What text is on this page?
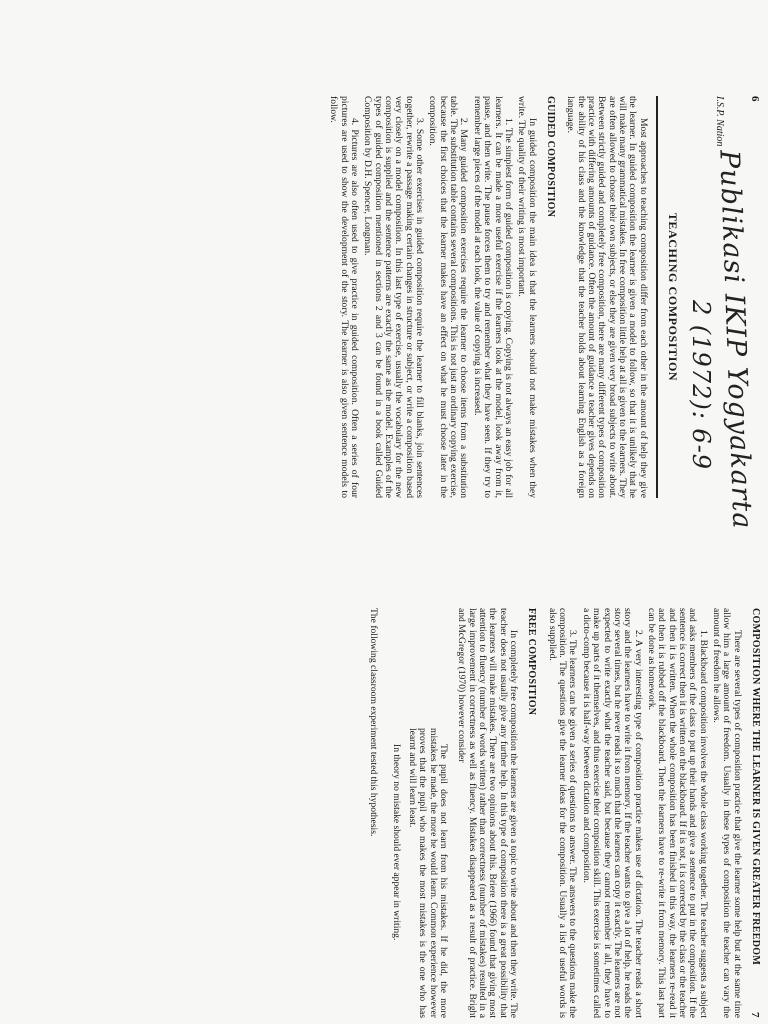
6
I.S.P. Nation
Publikasi IKIP Yogyakarta
2 (1972): 6-9
TEACHING COMPOSITION

Most approaches to teaching composition differ from each other in the amount of help they give the learner. In guided composition the learner is given a model to follow, so that it is unlikely that he will make many grammatical mistakes. In free composition little help at all is given to the learners. They are often allowed to choose their own subjects, or else they are given very broad subjects to write about. Between strictly guided and completely free composition, there are many different types of composition practice with differing amounts of guidance. Often the amount of guidance a teacher gives depends on the ability of his class and the knowledge that the teacher holds about learning English as a foreign language.

GUIDED COMPOSITION

In guided composition the main idea is that the learners should not make mistakes when they write. The quality of their writing is most important.

1. The simplest form of guided composition is copying. Copying is not always an easy job for all learners. It can be made a more useful exercise if the learners look at the model, look away from it, pause, and then write. The pause forces them to try and remember what they have seen. If they try to remember large pieces of the model at each look, the value of copying is increased.

2. Many guided composition exercises require the learner to choose items from a substitution table. The substitution table contains several compositions. This is not just an ordinary copying exercise, because the first choices that the learner makes have an effect on what he must choose later in the composition.

3. Some other exercises in guided composition require the learner to fill blanks, join sentences together, rewrite a passage making certain changes in structure or subject, or write a composition based very closely on a model composition. In this last type of exercise, usually the vocabulary for the new composition is supplied and the sentence patterns are exactly the same as the model. Examples of the types of guided composition mentioned in sections 2 and 3 can be found in a book called Guided Composition by D.H. Spencer, Longman.

4. Pictures are also often used to give practice in guided composition. Often a series of four pictures are used to show the development of the story. The learner is also given sentence models to follow.

7
COMPOSITION WHERE THE LEARNER IS GIVEN GREATER FREEDOM

There are several types of composition practice that give the learner some help but at the same time allow him a large amount of freedom. Usually in these types of composition the teacher can vary the amount of freedom he allows.

1. Blackboard composition involves the whole class working together. The teacher suggests a subject and asks members of the class to put up their hands and give a sentence to put in the composition. If the sentence is correct then it is written on the blackboard. If it is not, it is corrected by the class or the teacher and then it is written. When the whole composition has been finished in this way, the learners re-read it and then it is rubbed off the blackboard. Then the learners have to re-write it from memory. This last part can be done as homework.

2. A very interesting type of composition practice makes use of dictation. The teacher reads a short story and the learners have to write it from memory. If the teacher wants to give a lot of help, he reads the story several times, but he never reads it so much that the learners can copy it exactly. The learners are not expected to write exactly what the teacher said, but because they cannot remember it all, they have to make up parts of it themselves, and thus exercise their composition skill. This exercise is sometimes called a dicto-comp because it is half-way between dictation and composition.

3. The learners can be given a series of questions to answer. The answers to the questions make the composition. The questions give the learner ideas for the composition. Usually a list of useful words is also supplied.

FREE COMPOSITION

In completely free composition the learners are given a topic to write about and then they write. The teacher does not usually give any further help. In this type of composition there is a great possibility that the learners will make mistakes. There are two opinions about this. Briere (1966) found that giving most attention to fluency (number of words written) rather than correctness (number of mistakes) resulted in a large improvement in correctness as well as fluency. Mistakes disappeared as a result of practice. Bright and McGregor (1970) however consider

The pupil does not learn from his mistakes. If he did, the more mistakes he made, the more he would learn. Common experience however proves that the pupil who makes the most mistakes is the one who has learnt and will learn least.

In theory no mistake should ever appear in writing.

The following classroom experiment tested this hypothesis.
